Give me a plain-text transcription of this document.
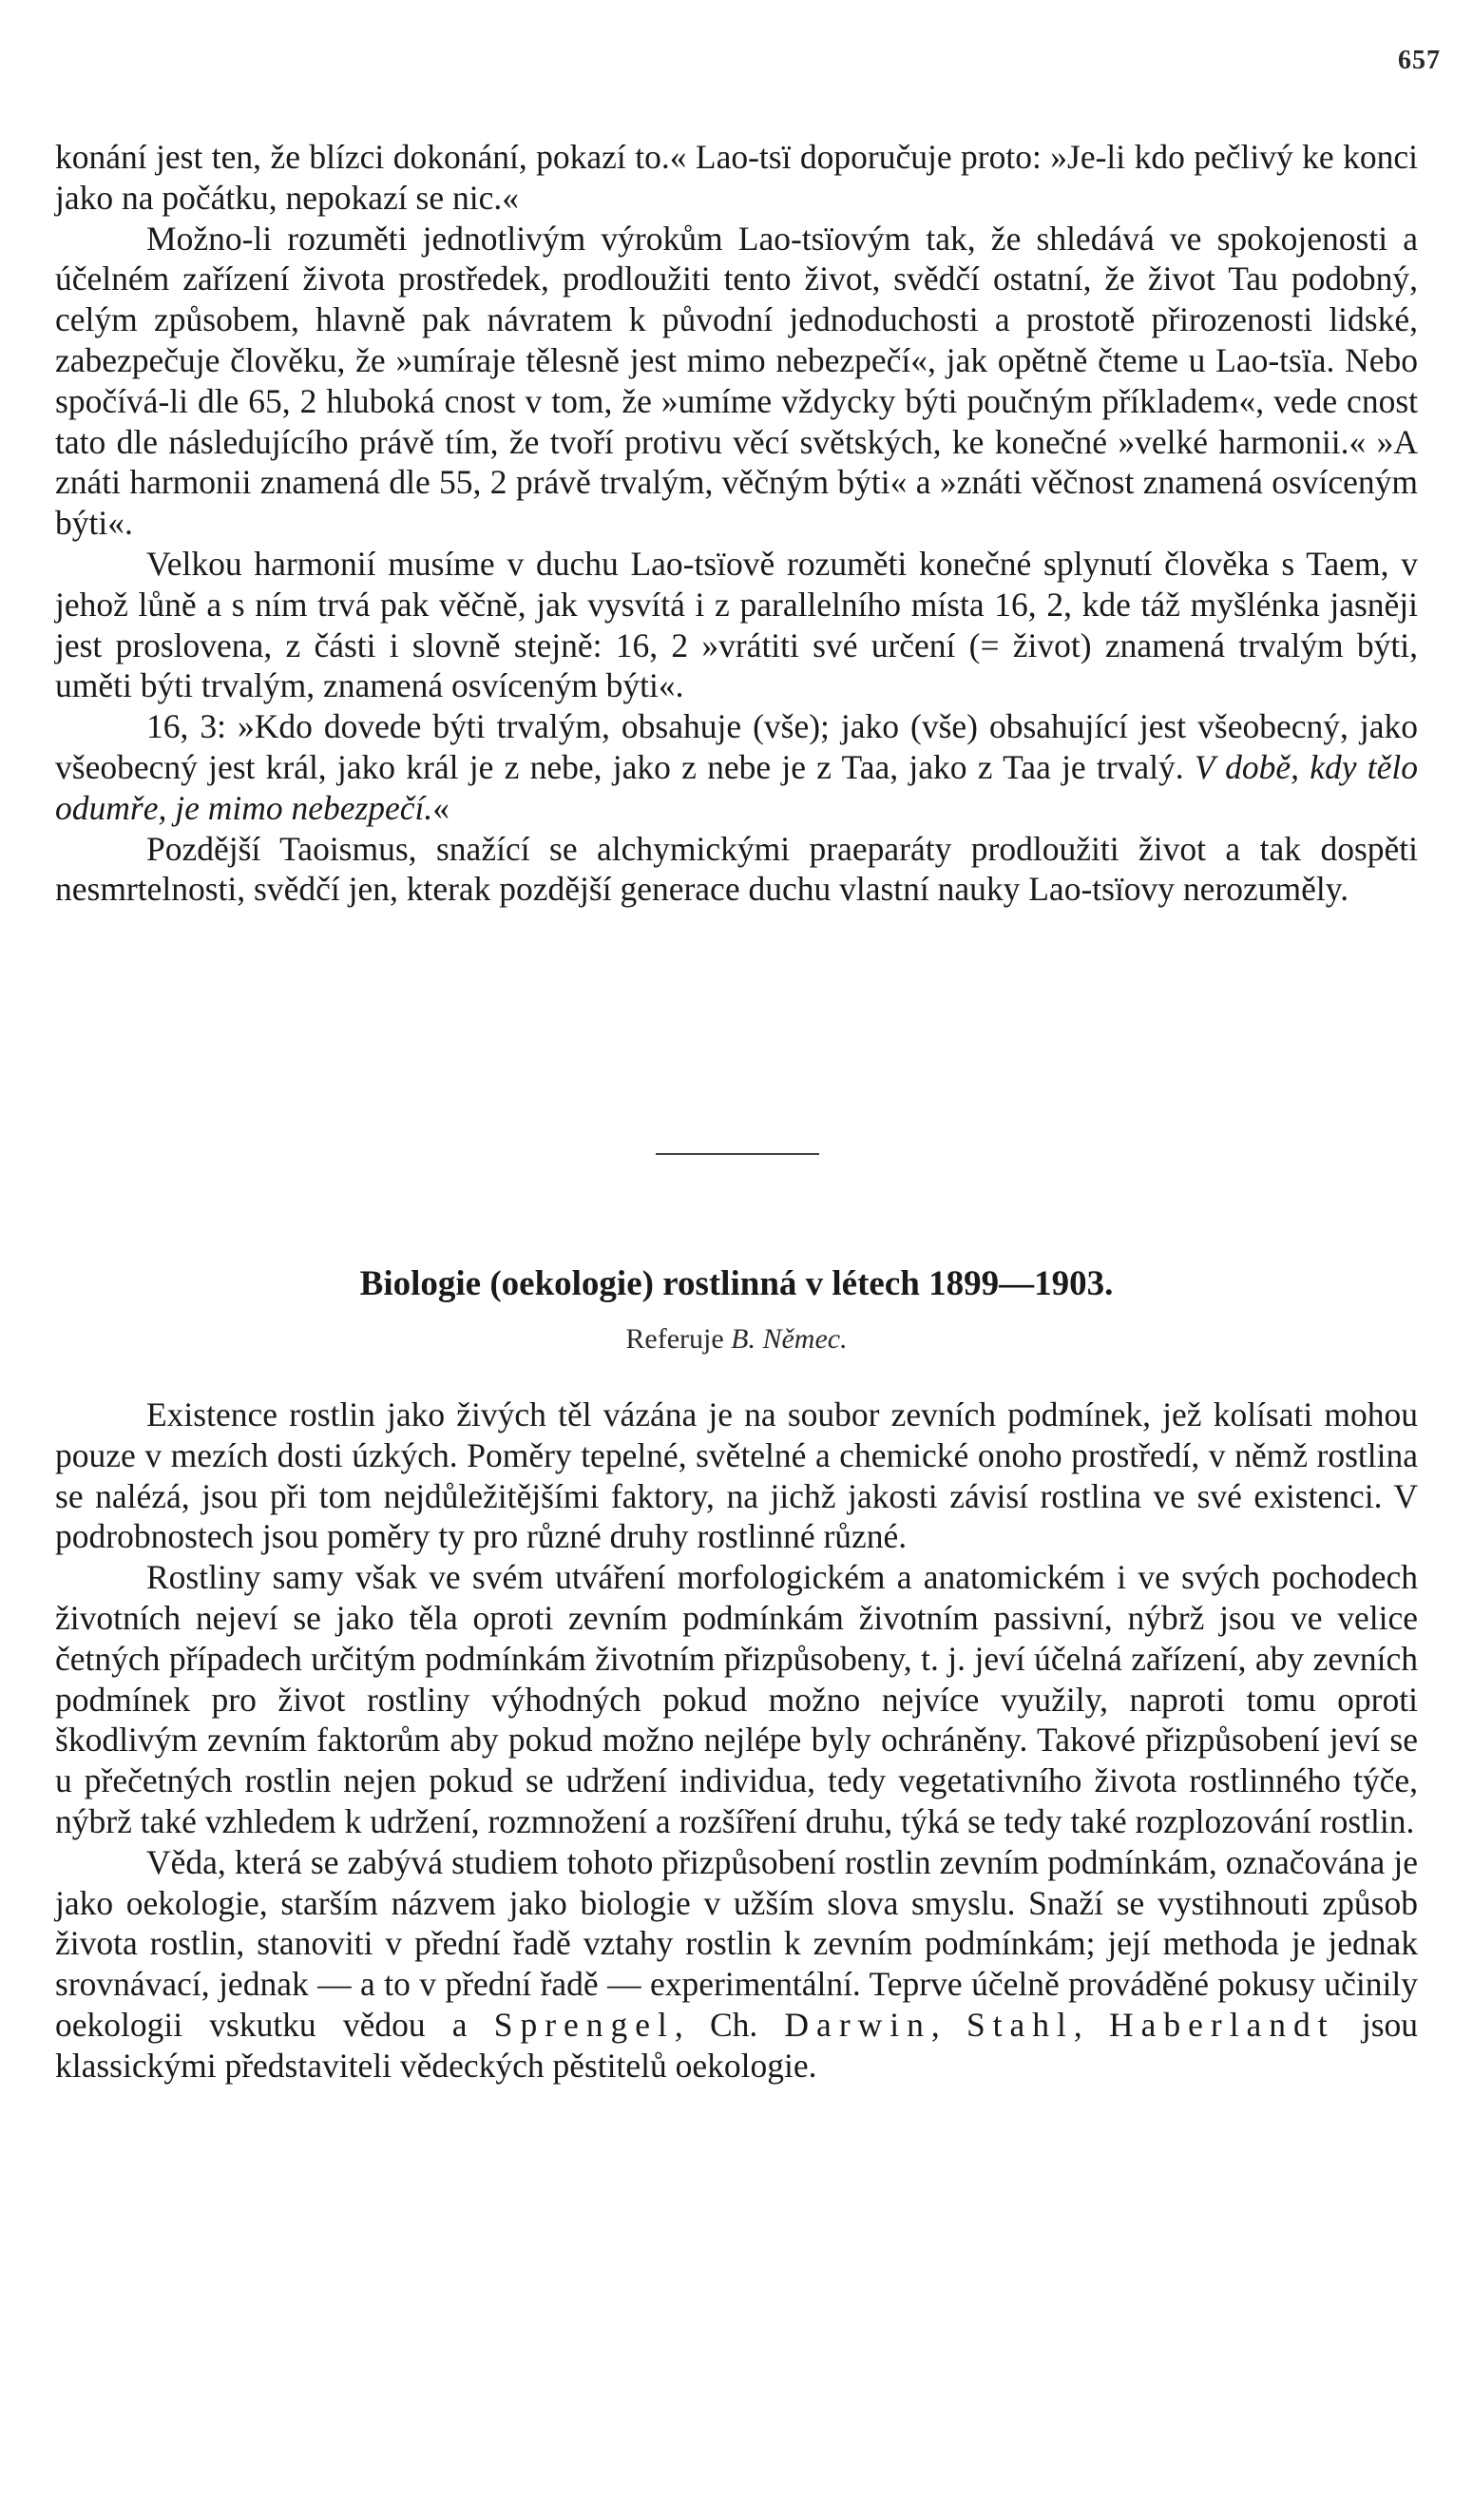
657

konání jest ten, že blízci dokonání, pokazí to.« Lao-tsï doporučuje proto: »Je-li kdo pečlivý ke konci jako na počátku, nepokazí se nic.«

Možno-li rozuměti jednotlivým výrokům Lao-tsïovým tak, že shledává ve spokojenosti a účelném zařízení života prostředek, prodloužiti tento život, svědčí ostatní, že život Tau podobný, celým způsobem, hlavně pak návratem k původní jednoduchosti a prostotě přirozenosti lidské, zabezpečuje člověku, že »umíraje tělesně jest mimo nebezpečí«, jak opětně čteme u Lao-tsïa. Nebo spočívá-li dle 65, 2 hluboká cnost v tom, že »umíme vždycky býti poučným příkladem«, vede cnost tato dle následujícího právě tím, že tvoří protivu věcí světských, ke konečné »velké harmonii.« »A znáti harmonii znamená dle 55, 2 právě trvalým, věčným býti« a »znáti věčnost znamená osvíceným býti«.

Velkou harmonií musíme v duchu Lao-tsïově rozuměti konečné splynutí člověka s Taem, v jehož lůně a s ním trvá pak věčně, jak vysvítá i z parallelního místa 16, 2, kde táž myšlénka jasněji jest proslovena, z části i slovně stejně: 16, 2 »vrátiti své určení (= život) znamená trvalým býti, uměti býti trvalým, znamená osvíceným býti«.

16, 3: »Kdo dovede býti trvalým, obsahuje (vše); jako (vše) obsahující jest všeobecný, jako všeobecný jest král, jako král je z nebe, jako z nebe je z Taa, jako z Taa je trvalý. V době, kdy tělo odumře, je mimo nebezpečí.«

Pozdější Taoismus, snažící se alchymickými praeparáty prodloužiti život a tak dospěti nesmrtelnosti, svědčí jen, kterak pozdější generace duchu vlastní nauky Lao-tsïovy nerozuměly.

Biologie (oekologie) rostlinná v létech 1899—1903.
Referuje B. Němec.

Existence rostlin jako živých těl vázána je na soubor zevních podmínek, jež kolísati mohou pouze v mezích dosti úzkých. Poměry tepelné, světelné a chemické onoho prostředí, v němž rostlina se nalézá, jsou při tom nejdůležitějšími faktory, na jichž jakosti závisí rostlina ve své existenci. V podrobnostech jsou poměry ty pro různé druhy rostlinné různé.

Rostliny samy však ve svém utváření morfologickém a anatomickém i ve svých pochodech životních nejeví se jako těla oproti zevním podmínkám životním passivní, nýbrž jsou ve velice četných případech určitým podmínkám životním přizpůsobeny, t. j. jeví účelná zařízení, aby zevních podmínek pro život rostliny výhodných pokud možno nejvíce využily, naproti tomu oproti škodlivým zevním faktorům aby pokud možno nejlépe byly ochráněny. Takové přizpůsobení jeví se u přečetných rostlin nejen pokud se udržení individua, tedy vegetativního života rostlinného týče, nýbrž také vzhledem k udržení, rozmnožení a rozšíření druhu, týká se tedy také rozplozování rostlin.

Věda, která se zabývá studiem tohoto přizpůsobení rostlin zevním podmínkám, označována je jako oekologie, starším názvem jako biologie v užším slova smyslu. Snaží se vystihnouti způsob života rostlin, stanoviti v přední řadě vztahy rostlin k zevním podmínkám; její methoda je jednak srovnávací, jednak — a to v přední řadě — experimentální. Teprve účelně prováděné pokusy učinily oekologii vskutku vědou a Sprengel, Ch. Darwin, Stahl, Haberlandt jsou klassickými představiteli vědeckých pěstitelů oekologie.
